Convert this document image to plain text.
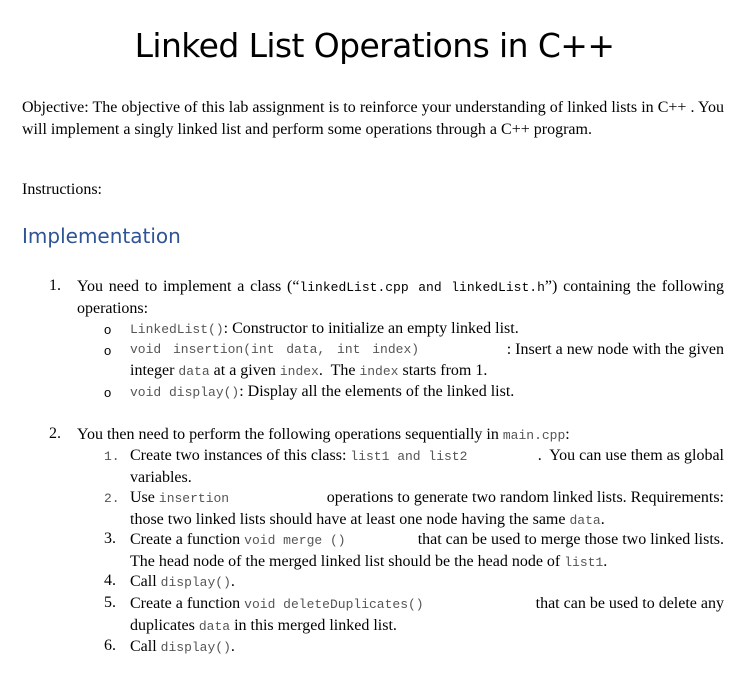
Linked List Operations in C++
Objective: The objective of this lab assignment is to reinforce your understanding of linked lists in C++ . You will implement a singly linked list and perform some operations through a C++ program.
Instructions:
Implementation
1. You need to implement a class (“linkedList.cpp and linkedList.h”) containing the following operations:
o LinkedList(): Constructor to initialize an empty linked list.
o void insertion(int data, int index)	: Insert a new node with the given
integer data at a given index.  The index starts from 1.
o void display(): Display all the elements of the linked list.
2. You then need to perform the following operations sequentially in main.cpp:
1. Create two instances of this class: list1 and list2	.  You can use them as global
variables.
2. Use insertion	operations to generate two random linked lists. Requirements:
those two linked lists should have at least one node having the same data.
3. Create a function void merge ()	that can be used to merge those two linked lists.
The head node of the merged linked list should be the head node of list1.
4. Call display().
5. Create a function void deleteDuplicates()	that can be used to delete any
duplicates data in this merged linked list.
6. Call display().
